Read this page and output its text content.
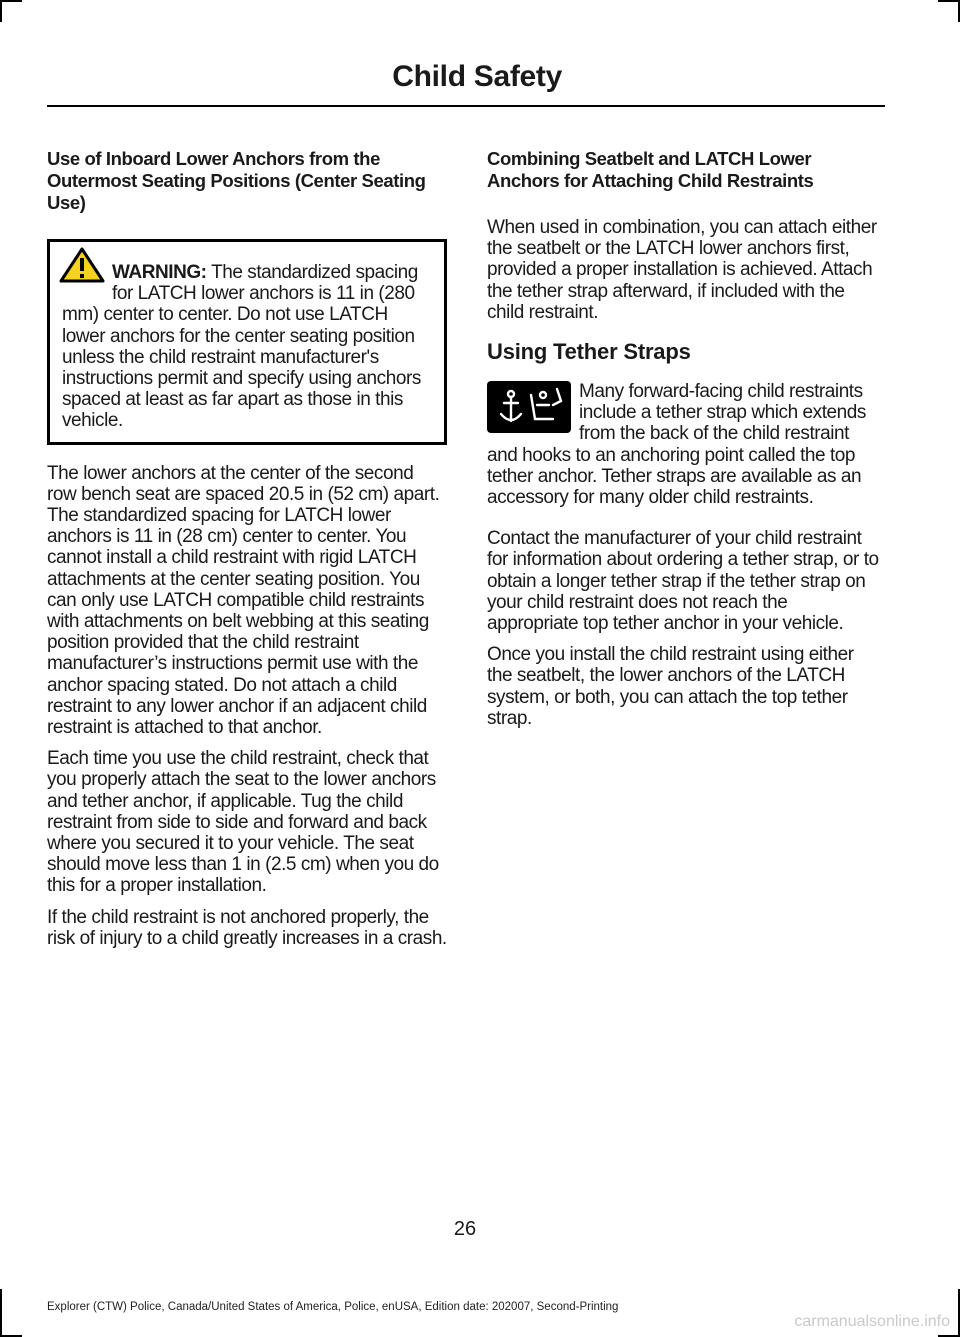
Child Safety
Use of Inboard Lower Anchors from the Outermost Seating Positions (Center Seating Use)

WARNING: The standardized spacing for LATCH lower anchors is 11 in (280 mm) center to center. Do not use LATCH lower anchors for the center seating position unless the child restraint manufacturer's instructions permit and specify using anchors spaced at least as far apart as those in this vehicle.

The lower anchors at the center of the second row bench seat are spaced 20.5 in (52 cm) apart. The standardized spacing for LATCH lower anchors is 11 in (28 cm) center to center. You cannot install a child restraint with rigid LATCH attachments at the center seating position. You can only use LATCH compatible child restraints with attachments on belt webbing at this seating position provided that the child restraint manufacturer’s instructions permit use with the anchor spacing stated. Do not attach a child restraint to any lower anchor if an adjacent child restraint is attached to that anchor.

Each time you use the child restraint, check that you properly attach the seat to the lower anchors and tether anchor, if applicable. Tug the child restraint from side to side and forward and back where you secured it to your vehicle. The seat should move less than 1 in (2.5 cm) when you do this for a proper installation.

If the child restraint is not anchored properly, the risk of injury to a child greatly increases in a crash.

Combining Seatbelt and LATCH Lower Anchors for Attaching Child Restraints

When used in combination, you can attach either the seatbelt or the LATCH lower anchors first, provided a proper installation is achieved. Attach the tether strap afterward, if included with the child restraint.

Using Tether Straps

Many forward-facing child restraints include a tether strap which extends from the back of the child restraint and hooks to an anchoring point called the top tether anchor. Tether straps are available as an accessory for many older child restraints.

Contact the manufacturer of your child restraint for information about ordering a tether strap, or to obtain a longer tether strap if the tether strap on your child restraint does not reach the appropriate top tether anchor in your vehicle.

Once you install the child restraint using either the seatbelt, the lower anchors of the LATCH system, or both, you can attach the top tether strap.

26
Explorer (CTW) Police, Canada/United States of America, Police, enUSA, Edition date: 202007, Second-Printing
carmanualsonline.info
